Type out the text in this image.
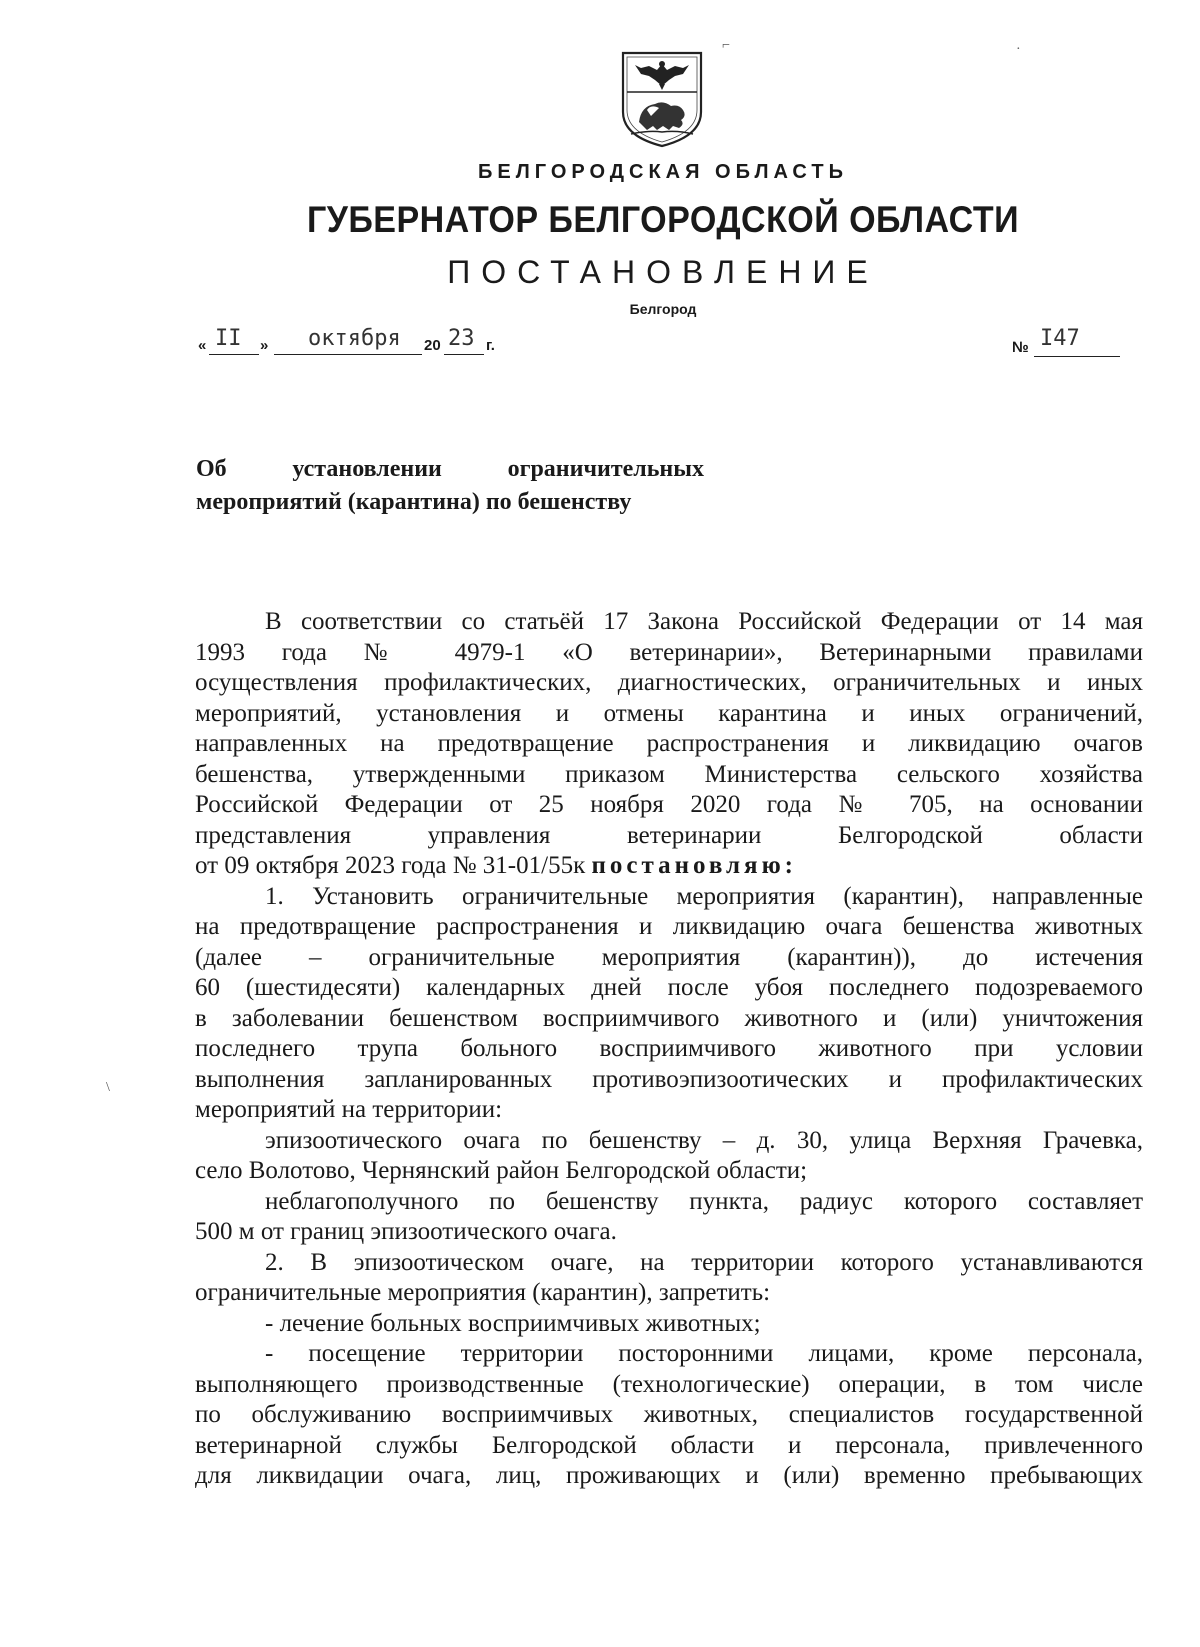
БЕЛГОРОДСКАЯ ОБЛАСТЬ
ГУБЕРНАТОР БЕЛГОРОДСКОЙ ОБЛАСТИ
ПОСТАНОВЛЕНИЕ
Белгород
« II » октября 20 23 г.	№ I47
Об	установлении	ограничительных
мероприятий (карантина) по бешенству
В соответствии со статьёй 17 Закона Российской Федерации от 14 мая
1993 года № 4979-1 «О ветеринарии», Ветеринарными правилами
осуществления профилактических, диагностических, ограничительных и иных
мероприятий, установления и отмены карантина и иных ограничений,
направленных на предотвращение распространения и ликвидацию очагов
бешенства, утвержденными приказом Министерства сельского хозяйства
Российской Федерации от 25 ноября 2020 года № 705, на основании
представления управления ветеринарии Белгородской области
от 09 октября 2023 года № 31-01/55к постановляю:
1. Установить ограничительные мероприятия (карантин), направленные
на предотвращение распространения и ликвидацию очага бешенства животных
(далее – ограничительные мероприятия (карантин)), до истечения
60 (шестидесяти) календарных дней после убоя последнего подозреваемого
в заболевании бешенством восприимчивого животного и (или) уничтожения
последнего трупа больного восприимчивого животного при условии
выполнения запланированных противоэпизоотических и профилактических
мероприятий на территории:
эпизоотического очага по бешенству – д. 30, улица Верхняя Грачевка,
село Волотово, Чернянский район Белгородской области;
неблагополучного по бешенству пункта, радиус которого составляет
500 м от границ эпизоотического очага.
2. В эпизоотическом очаге, на территории которого устанавливаются
ограничительные мероприятия (карантин), запретить:
- лечение больных восприимчивых животных;
- посещение территории посторонними лицами, кроме персонала,
выполняющего производственные (технологические) операции, в том числе
по обслуживанию восприимчивых животных, специалистов государственной
ветеринарной службы Белгородской области и персонала, привлеченного
для ликвидации очага, лиц, проживающих и (или) временно пребывающих
⌐	·
\
